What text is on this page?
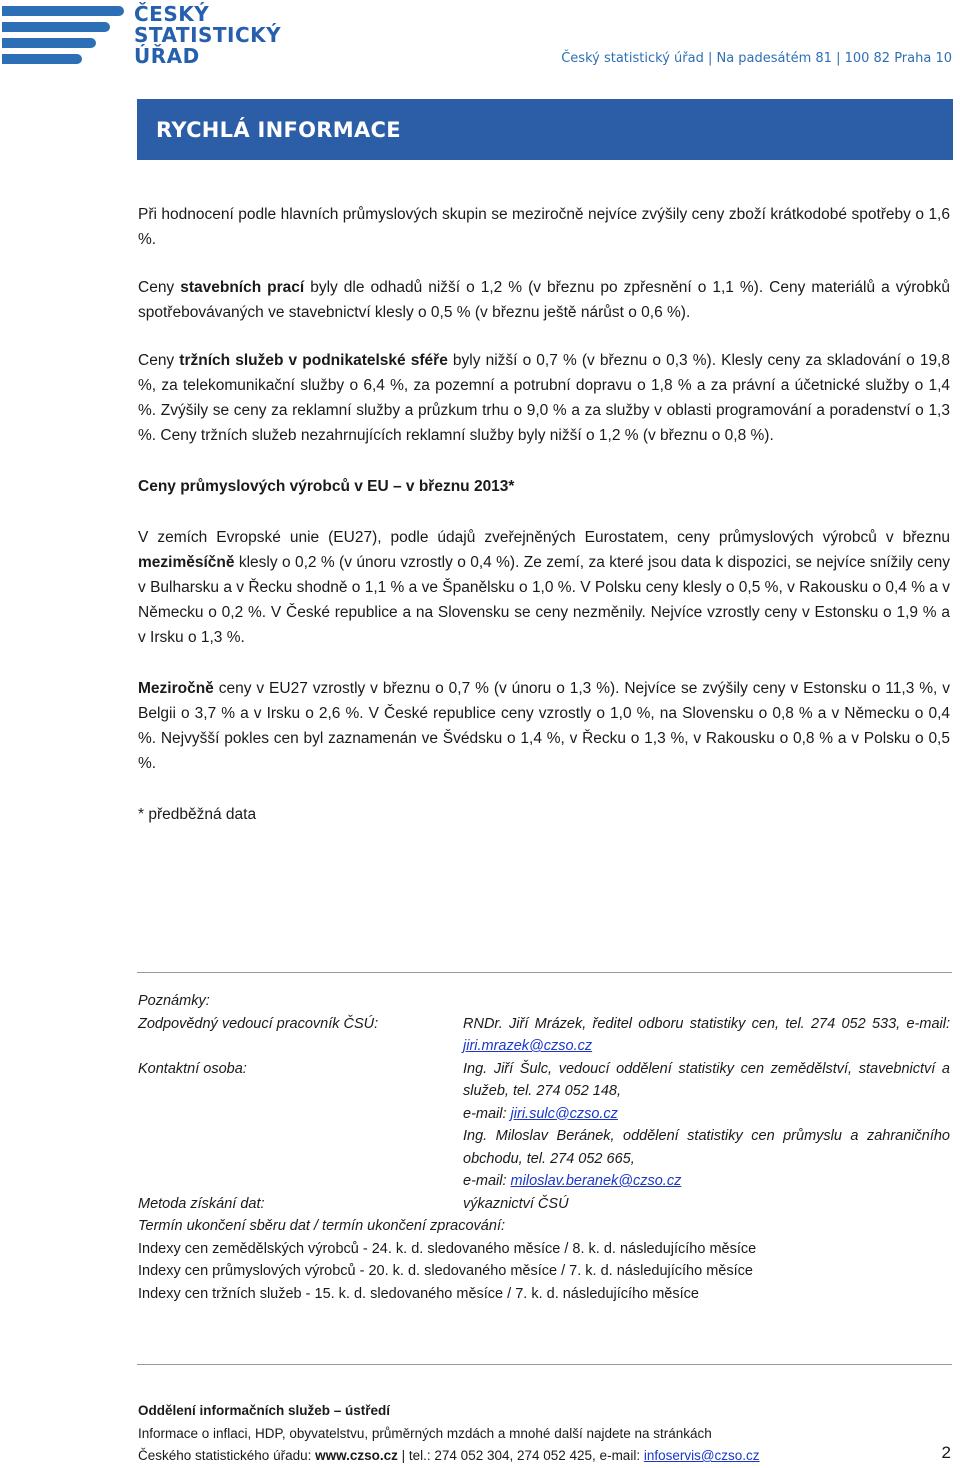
ČESKÝ
STATISTICKÝ
ÚŘAD	Český statistický úřad | Na padesátém 81 | 100 82 Praha 10
RYCHLÁ INFORMACE

Při hodnocení podle hlavních průmyslových skupin se meziročně nejvíce zvýšily ceny zboží krátkodobé spotřeby o 1,6 %.

Ceny stavebních prací byly dle odhadů nižší o 1,2 % (v březnu po zpřesnění o 1,1 %). Ceny materiálů a výrobků spotřebovávaných ve stavebnictví klesly o 0,5 % (v březnu ještě nárůst o 0,6 %).

Ceny tržních služeb v podnikatelské sféře byly nižší o 0,7 % (v březnu o 0,3 %). Klesly ceny za skladování o 19,8 %, za telekomunikační služby o 6,4 %, za pozemní a potrubní dopravu o 1,8 % a za právní a účetnické služby o 1,4 %. Zvýšily se ceny za reklamní služby a průzkum trhu o 9,0 % a za služby v oblasti programování a poradenství o 1,3 %. Ceny tržních služeb nezahrnujících reklamní služby byly nižší o 1,2 % (v březnu o 0,8 %).

Ceny průmyslových výrobců v EU – v březnu 2013*

V zemích Evropské unie (EU27), podle údajů zveřejněných Eurostatem, ceny průmyslových výrobců v březnu meziměsíčně klesly o 0,2 % (v únoru vzrostly o 0,4 %). Ze zemí, za které jsou data k dispozici, se nejvíce snížily ceny v Bulharsku a v Řecku shodně o 1,1 % a ve Španělsku o 1,0 %. V Polsku ceny klesly o 0,5 %, v Rakousku o 0,4 % a v Německu o 0,2 %. V České republice a na Slovensku se ceny nezměnily. Nejvíce vzrostly ceny v Estonsku o 1,9 % a v Irsku o 1,3 %.

Meziročně ceny v EU27 vzrostly v březnu o 0,7 % (v únoru o 1,3 %). Nejvíce se zvýšily ceny v Estonsku o 11,3 %, v Belgii o 3,7 % a v Irsku o 2,6 %. V České republice ceny vzrostly o 1,0 %, na Slovensku o 0,8 % a v Německu o 0,4 %. Nejvyšší pokles cen byl zaznamenán ve Švédsku o 1,4 %, v Řecku o 1,3 %, v Rakousku o 0,8 % a v Polsku o 0,5 %.

* předběžná data

Poznámky:
Zodpovědný vedoucí pracovník ČSÚ:	RNDr. Jiří Mrázek, ředitel odboru statistiky cen, tel. 274 052 533, e-mail: jiri.mrazek@czso.cz
Kontaktní osoba:	Ing. Jiří Šulc, vedoucí oddělení statistiky cen zemědělství, stavebnictví a služeb, tel. 274 052 148,
e-mail: jiri.sulc@czso.cz
Ing. Miloslav Beránek, oddělení statistiky cen průmyslu a zahraničního obchodu, tel. 274 052 665,
e-mail: miloslav.beranek@czso.cz
Metoda získání dat:	výkaznictví ČSÚ
Termín ukončení sběru dat / termín ukončení zpracování:
Indexy cen zemědělských výrobců - 24. k. d. sledovaného měsíce / 8. k. d. následujícího měsíce
Indexy cen průmyslových výrobců - 20. k. d. sledovaného měsíce / 7. k. d. následujícího měsíce
Indexy cen tržních služeb - 15. k. d. sledovaného měsíce / 7. k. d. následujícího měsíce
Oddělení informačních služeb – ústředí
Informace o inflaci, HDP, obyvatelstvu, průměrných mzdách a mnohé další najdete na stránkách
Českého statistického úřadu: www.czso.cz | tel.: 274 052 304, 274 052 425, e-mail: infoservis@czso.cz	2
